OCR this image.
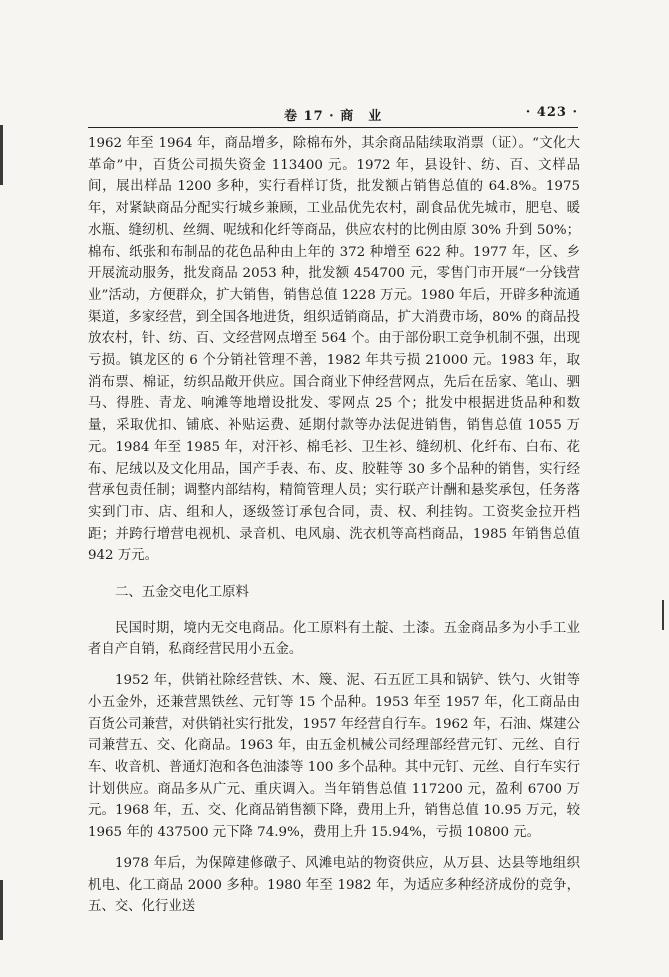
卷 17 · 商　业	· 423 ·

1962 年至 1964 年，商品增多，除棉布外，其余商品陆续取消票（证）。“文化大革命”中，百货公司损失资金 113400 元。1972 年，县设针、纺、百、文样品间，展出样品 1200 多种，实行看样订货，批发额占销售总值的 64.8%。1975 年，对紧缺商品分配实行城乡兼顾，工业品优先农村，副食品优先城市，肥皂、暖水瓶、缝纫机、丝绸、呢绒和化纤等商品，供应农村的比例由原 30% 升到 50%；棉布、纸张和布制品的花色品种由上年的 372 种增至 622 种。1977 年，区、乡开展流动服务，批发商品 2053 种，批发额 454700 元，零售门市开展“一分钱营业”活动，方便群众，扩大销售，销售总值 1228 万元。1980 年后，开辟多种流通渠道，多家经营，到全国各地进货，组织适销商品，扩大消费市场，80% 的商品投放农村，针、纺、百、文经营网点增至 564 个。由于部份职工竞争机制不强，出现亏损。镇龙区的 6 个分销社管理不善，1982 年共亏损 21000 元。1983 年，取消布票、棉证，纺织品敞开供应。国合商业下伸经营网点，先后在岳家、笔山、驷马、得胜、青龙、响滩等地增设批发、零网点 25 个；批发中根据进货品种和数量，采取优扣、铺底、补贴运费、延期付款等办法促进销售，销售总值 1055 万元。1984 年至 1985 年，对汗衫、棉毛衫、卫生衫、缝纫机、化纤布、白布、花布、尼绒以及文化用品，国产手表、布、皮、胶鞋等 30 多个品种的销售，实行经营承包责任制；调整内部结构，精简管理人员；实行联产计酬和悬奖承包，任务落实到门市、店、组和人，逐级签订承包合同，责、权、利挂钩。工资奖金拉开档距；并跨行增营电视机、录音机、电风扇、洗衣机等高档商品，1985 年销售总值 942 万元。

二、五金交电化工原料

民国时期，境内无交电商品。化工原料有土靛、土漆。五金商品多为小手工业者自产自销，私商经营民用小五金。

1952 年，供销社除经营铁、木、篾、泥、石五匠工具和锅铲、铁勺、火钳等小五金外，还兼营黑铁丝、元钉等 15 个品种。1953 年至 1957 年，化工商品由百货公司兼营，对供销社实行批发，1957 年经营自行车。1962 年，石油、煤建公司兼营五、交、化商品。1963 年，由五金机械公司经理部经营元钉、元丝、自行车、收音机、普通灯泡和各色油漆等 100 多个品种。其中元钉、元丝、自行车实行计划供应。商品多从广元、重庆调入。当年销售总值 117200 元，盈利 6700 万元。1968 年，五、交、化商品销售额下降，费用上升，销售总值 10.95 万元，较 1965 年的 437500 元下降 74.9%，费用上升 15.94%，亏损 10800 元。

1978 年后，为保障建修礅子、风滩电站的物资供应，从万县、达县等地组织机电、化工商品 2000 多种。1980 年至 1982 年，为适应多种经济成份的竞争，五、交、化行业送
